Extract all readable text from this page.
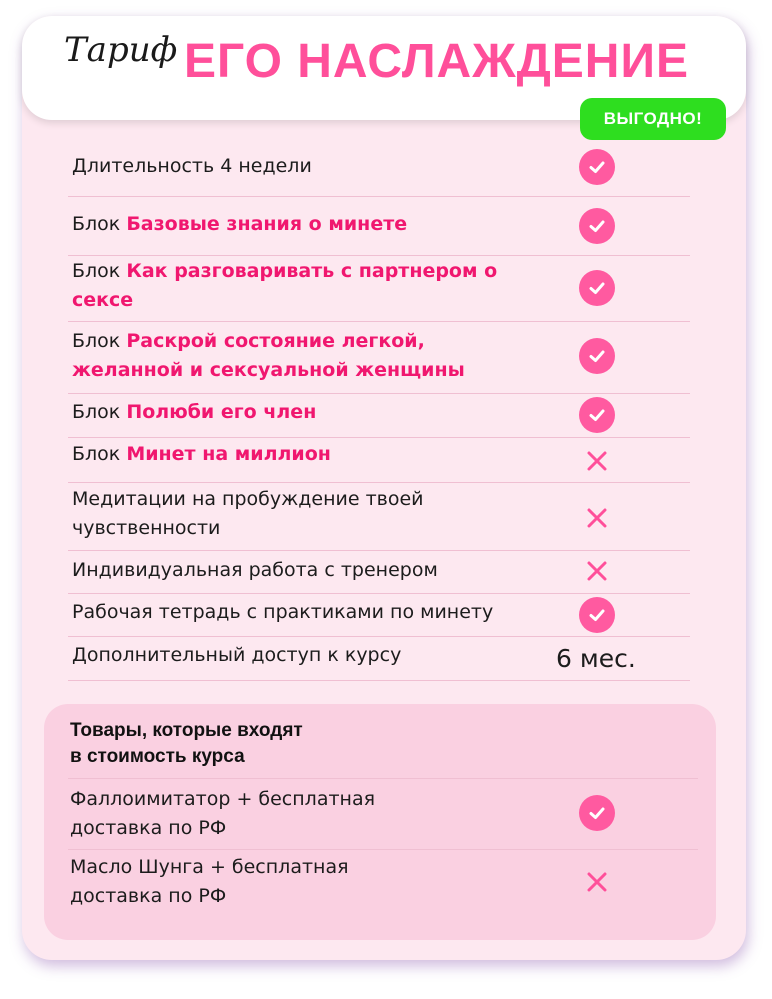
Тариф ЕГО НАСЛАЖДЕНИЕ
ВЫГОДНО!
Длительность 4 недели
Блок Базовые знания о минете
Блок Как разговаривать с партнером о сексе
Блок Раскрой состояние легкой, желанной и сексуальной женщины
Блок Полюби его член
Блок Минет на миллион
Медитации на пробуждение твоей чувственности
Индивидуальная работа с тренером
Рабочая тетрадь с практиками по минету
Дополнительный доступ к курсу	6 мес.
Товары, которые входят
в стоимость курса
Фаллоимитатор + бесплатная доставка по РФ
Масло Шунга + бесплатная доставка по РФ
